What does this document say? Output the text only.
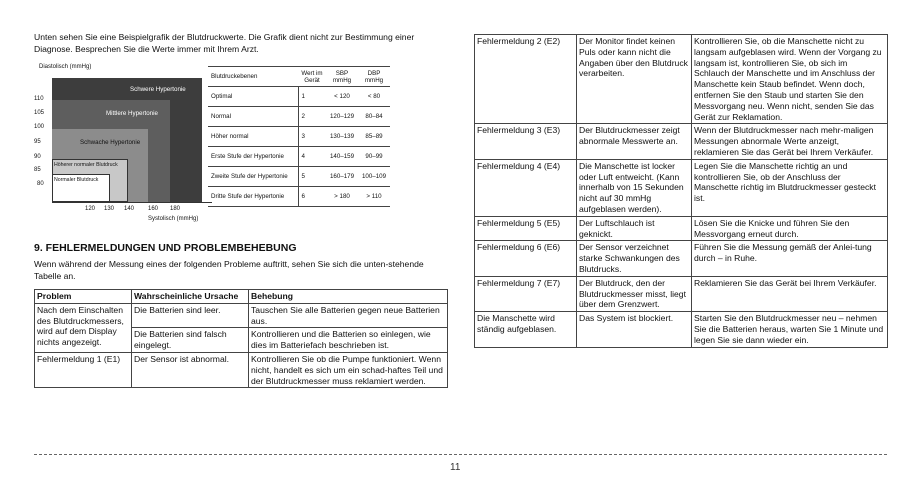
Unten sehen Sie eine Beispielgrafik der Blutdruckwerte. Die Grafik dient nicht zur Bestimmung einer Diagnose. Besprechen Sie die Werte immer mit Ihrem Arzt.
Diastolisch (mmHg)
110
105
100
95
90
85
80
Schwere Hypertonie
Mittlere Hypertonie
Schwache Hypertonie
Höherer normaler Blutdruck
Normaler Blutdruck
120 130 140 160 180
Systolisch (mmHg)
Blutdruckebenen	Wert im Gerät	SBP mmHg	DBP mmHg
Optimal	1	< 120	< 80
Normal	2	120–129	80–84
Höher normal	3	130–139	85–89
Erste Stufe der Hypertonie	4	140–159	90–99
Zweite Stufe der Hypertonie	5	160–179	100–109
Dritte Stufe der Hypertonie	6	> 180	> 110
9. FEHLERMELDUNGEN UND PROBLEMBEHEBUNG
Wenn während der Messung eines der folgenden Probleme auftritt, sehen Sie sich die unten-stehende Tabelle an.
Problem	Wahrscheinliche Ursache	Behebung
Nach dem Einschalten des Blutdruckmessers, wird auf dem Display nichts angezeigt.	Die Batterien sind leer.	Tauschen Sie alle Batterien gegen neue Batterien aus.
	Die Batterien sind falsch eingelegt.	Kontrollieren und die Batterien so einlegen, wie dies im Batteriefach beschrieben ist.
Fehlermeldung 1 (E1)	Der Sensor ist abnormal.	Kontrollieren Sie ob die Pumpe funktioniert. Wenn nicht, handelt es sich um ein schad-haftes Teil und der Blutdruckmesser muss reklamiert werden.
Fehlermeldung 2 (E2)	Der Monitor findet keinen Puls oder kann nicht die Angaben über den Blutdruck verarbeiten.	Kontrollieren Sie, ob die Manschette nicht zu langsam aufgeblasen wird. Wenn der Vorgang zu langsam ist, kontrollieren Sie, ob sich im Schlauch der Manschette und im Anschluss der Manschette kein Staub befindet. Wenn doch, entfernen Sie den Staub und starten Sie den Messvorgang neu. Wenn nicht, senden Sie das Gerät zur Reklamation.
Fehlermeldung 3 (E3)	Der Blutdruckmesser zeigt abnormale Messwerte an.	Wenn der Blutdruckmesser nach mehr-maligen Messungen abnormale Werte anzeigt, reklamieren Sie das Gerät bei Ihrem Verkäufer.
Fehlermeldung 4 (E4)	Die Manschette ist locker oder Luft entweicht. (Kann innerhalb von 15 Sekunden nicht auf 30 mmHg aufgeblasen werden).	Legen Sie die Manschette richtig an und kontrollieren Sie, ob der Anschluss der Manschette richtig im Blutdruckmesser gesteckt ist.
Fehlermeldung 5 (E5)	Der Luftschlauch ist geknickt.	Lösen Sie die Knicke und führen Sie den Messvorgang erneut durch.
Fehlermeldung 6 (E6)	Der Sensor verzeichnet starke Schwankungen des Blutdrucks.	Führen Sie die Messung gemäß der Anlei-tung durch – in Ruhe.
Fehlermeldung 7 (E7)	Der Blutdruck, den der Blutdruckmesser misst, liegt über dem Grenzwert.	Reklamieren Sie das Gerät bei Ihrem Verkäufer.
Die Manschette wird ständig aufgeblasen.	Das System ist blockiert.	Starten Sie den Blutdruckmesser neu – nehmen Sie die Batterien heraus, warten Sie 1 Minute und legen Sie sie dann wieder ein.
11
